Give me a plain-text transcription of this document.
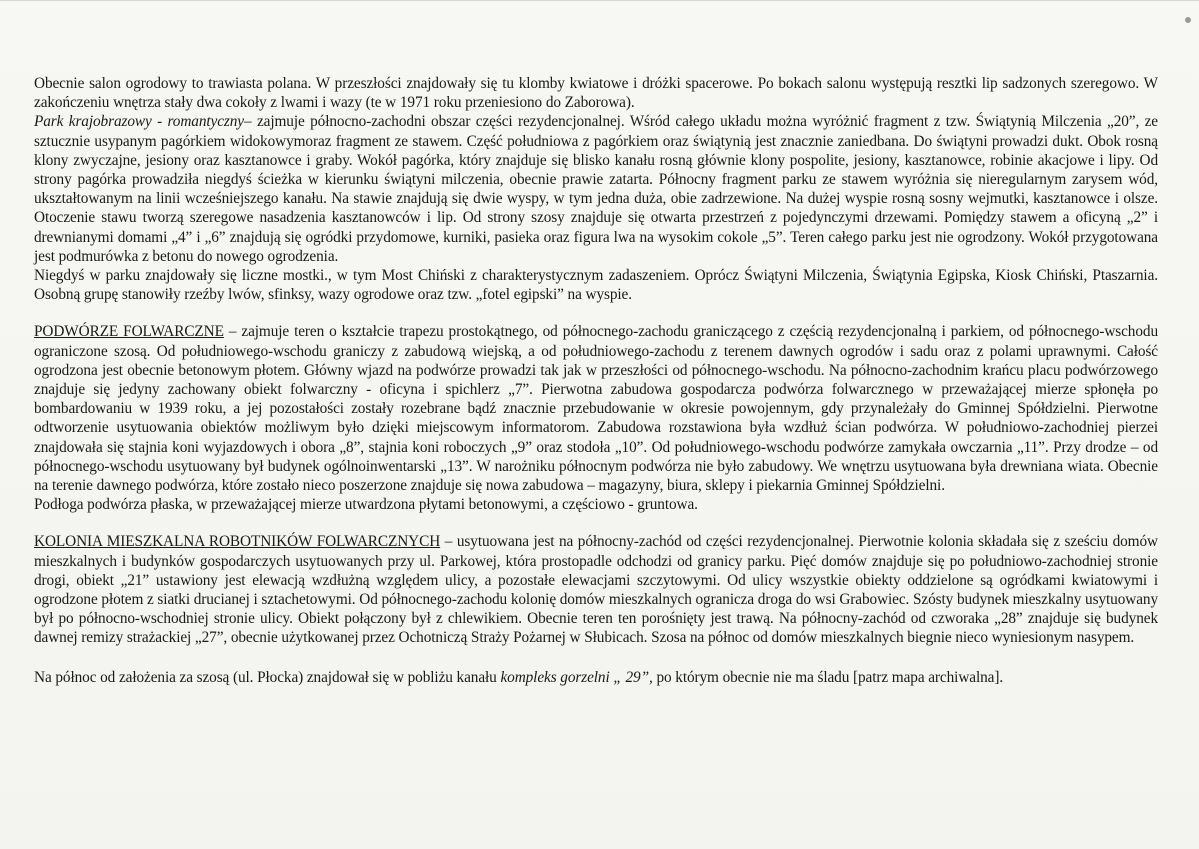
Obecnie salon ogrodowy to trawiasta polana. W przeszłości znajdowały się tu klomby kwiatowe i dróżki spacerowe. Po bokach salonu występują resztki lip sadzonych szeregowo. W zakończeniu wnętrza stały dwa cokoły z lwami i wazy (te w 1971 roku przeniesiono do Zaborowa).

Park krajobrazowy - romantyczny– zajmuje północno-zachodni obszar części rezydencjonalnej. Wśród całego układu można wyróżnić fragment z tzw. Świątynią Milczenia „20”, ze sztucznie usypanym pagórkiem widokowymoraz fragment ze stawem. Część południowa z pagórkiem oraz świątynią jest znacznie zaniedbana. Do świątyni prowadzi dukt. Obok rosną klony zwyczajne, jesiony oraz kasztanowce i graby. Wokół pagórka, który znajduje się blisko kanału rosną głównie klony pospolite, jesiony, kasztanowce, robinie akacjowe i lipy. Od strony pagórka prowadziła niegdyś ścieżka w kierunku świątyni milczenia, obecnie prawie zatarta. Północny fragment parku ze stawem wyróżnia się nieregularnym zarysem wód, ukształtowanym na linii wcześniejszego kanału. Na stawie znajdują się dwie wyspy, w tym jedna duża, obie zadrzewione. Na dużej wyspie rosną sosny wejmutki, kasztanowce i olsze. Otoczenie stawu tworzą szeregowe nasadzenia kasztanowców i lip. Od strony szosy znajduje się otwarta przestrzeń z pojedynczymi drzewami. Pomiędzy stawem a oficyną „2” i drewnianymi domami „4” i „6” znajdują się ogródki przydomowe, kurniki, pasieka oraz figura lwa na wysokim cokole „5”. Teren całego parku jest nie ogrodzony. Wokół przygotowana jest podmurówka z betonu do nowego ogrodzenia.

Niegdyś w parku znajdowały się liczne mostki., w tym Most Chiński z charakterystycznym zadaszeniem. Oprócz Świątyni Milczenia, Świątynia Egipska, Kiosk Chiński, Ptaszarnia. Osobną grupę stanowiły rzeźby lwów, sfinksy, wazy ogrodowe oraz tzw. „fotel egipski” na wyspie.

PODWÓRZE FOLWARCZNE – zajmuje teren o kształcie trapezu prostokątnego, od północnego-zachodu graniczącego z częścią rezydencjonalną i parkiem, od północnego-wschodu ograniczone szosą. Od południowego-wschodu graniczy z zabudową wiejską, a od południowego-zachodu z terenem dawnych ogrodów i sadu oraz z polami uprawnymi. Całość ogrodzona jest obecnie betonowym płotem. Główny wjazd na podwórze prowadzi tak jak w przeszłości od północnego-wschodu. Na północno-zachodnim krańcu placu podwórzowego znajduje się jedyny zachowany obiekt folwarczny - oficyna i spichlerz „7”. Pierwotna zabudowa gospodarcza podwórza folwarcznego w przeważającej mierze spłonęła po bombardowaniu w 1939 roku, a jej pozostałości zostały rozebrane bądź znacznie przebudowanie w okresie powojennym, gdy przynależały do Gminnej Spółdzielni. Pierwotne odtworzenie usytuowania obiektów możliwym było dzięki miejscowym informatorom. Zabudowa rozstawiona była wzdłuż ścian podwórza. W południowo-zachodniej pierzei znajdowała się stajnia koni wyjazdowych i obora „8”, stajnia koni roboczych „9” oraz stodoła „10”. Od południowego-wschodu podwórze zamykała owczarnia „11”. Przy drodze – od północnego-wschodu usytuowany był budynek ogólnoinwentarski „13”. W narożniku północnym podwórza nie było zabudowy. We wnętrzu usytuowana była drewniana wiata. Obecnie na terenie dawnego podwórza, które zostało nieco poszerzone znajduje się nowa zabudowa – magazyny, biura, sklepy i piekarnia Gminnej Spółdzielni.

Podłoga podwórza płaska, w przeważającej mierze utwardzona płytami betonowymi, a częściowo - gruntowa.

KOLONIA MIESZKALNA ROBOTNIKÓW FOLWARCZNYCH – usytuowana jest na północny-zachód od części rezydencjonalnej. Pierwotnie kolonia składała się z sześciu domów mieszkalnych i budynków gospodarczych usytuowanych przy ul. Parkowej, która prostopadle odchodzi od granicy parku. Pięć domów znajduje się po południowo-zachodniej stronie drogi, obiekt „21” ustawiony jest elewacją wzdłużną względem ulicy, a pozostałe elewacjami szczytowymi. Od ulicy wszystkie obiekty oddzielone są ogródkami kwiatowymi i ogrodzone płotem z siatki drucianej i sztachetowymi. Od północnego-zachodu kolonię domów mieszkalnych ogranicza droga do wsi Grabowiec. Szósty budynek mieszkalny usytuowany był po północno-wschodniej stronie ulicy. Obiekt połączony był z chlewikiem. Obecnie teren ten porośnięty jest trawą. Na północny-zachód od czworaka „28” znajduje się budynek dawnej remizy strażackiej „27”, obecnie użytkowanej przez Ochotniczą Straży Pożarnej w Słubicach. Szosa na północ od domów mieszkalnych biegnie nieco wyniesionym nasypem.

Na północ od założenia za szosą (ul. Płocka) znajdował się w pobliżu kanału kompleks gorzelni „ 29”, po którym obecnie nie ma śladu [patrz mapa archiwalna].
